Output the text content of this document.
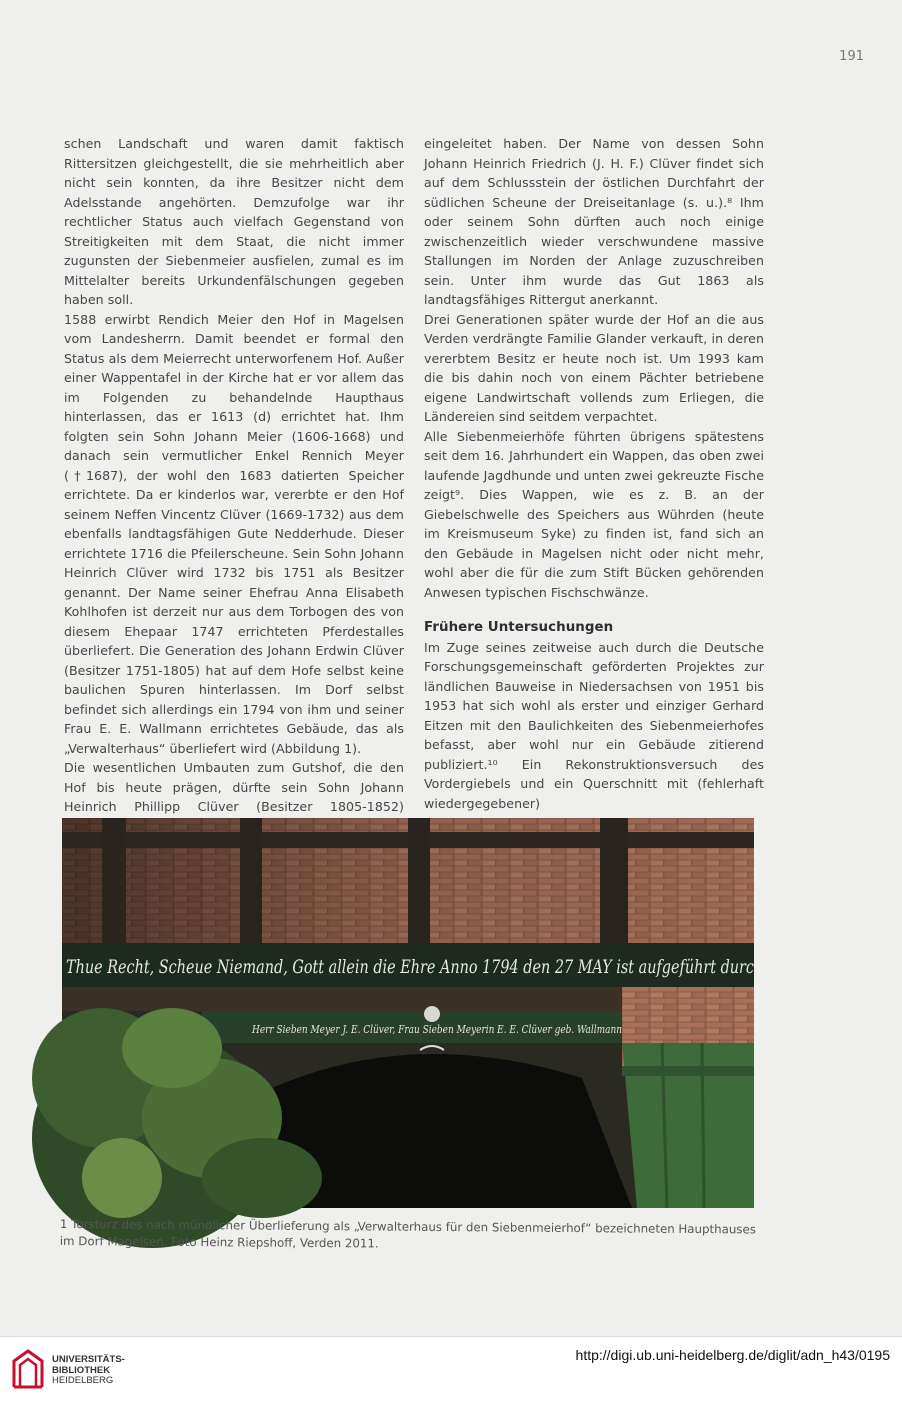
191

schen Landschaft und waren damit faktisch Rittersitzen gleichgestellt, die sie mehrheitlich aber nicht sein konnten, da ihre Besitzer nicht dem Adelsstande angehörten. Demzufolge war ihr rechtlicher Status auch vielfach Gegenstand von Streitigkeiten mit dem Staat, die nicht immer zugunsten der Siebenmeier ausfielen, zumal es im Mittelalter bereits Urkundenfälschungen gegeben haben soll.

1588 erwirbt Rendich Meier den Hof in Magelsen vom Landesherrn. Damit beendet er formal den Status als dem Meierrecht unterworfenem Hof. Außer einer Wappentafel in der Kirche hat er vor allem das im Folgenden zu behandelnde Haupthaus hinterlassen, das er 1613 (d) errichtet hat. Ihm folgten sein Sohn Johann Meier (1606-1668) und danach sein vermutlicher Enkel Rennich Meyer (†1687), der wohl den 1683 datierten Speicher errichtete. Da er kinderlos war, vererbte er den Hof seinem Neffen Vincentz Clüver (1669-1732) aus dem ebenfalls landtagsfähigen Gute Nedderhude. Dieser errichtete 1716 die Pfeilerscheune. Sein Sohn Johann Heinrich Clüver wird 1732 bis 1751 als Besitzer genannt. Der Name seiner Ehefrau Anna Elisabeth Kohlhofen ist derzeit nur aus dem Torbogen des von diesem Ehepaar 1747 errichteten Pferdestalles überliefert. Die Generation des Johann Erdwin Clüver (Besitzer 1751-1805) hat auf dem Hofe selbst keine baulichen Spuren hinterlassen. Im Dorf selbst befindet sich allerdings ein 1794 von ihm und seiner Frau E. E. Wallmann errichtetes Gebäude, das als „Verwalterhaus“ überliefert wird (Abbildung 1).

Die wesentlichen Umbauten zum Gutshof, die den Hof bis heute prägen, dürfte sein Sohn Johann Heinrich Phillipp Clüver (Besitzer 1805-1852)

eingeleitet haben. Der Name von dessen Sohn Johann Heinrich Friedrich (J. H. F.) Clüver findet sich auf dem Schlussstein der östlichen Durchfahrt der südlichen Scheune der Dreiseitanlage (s. u.).⁸ Ihm oder seinem Sohn dürften auch noch einige zwischenzeitlich wieder verschwundene massive Stallungen im Norden der Anlage zuzuschreiben sein. Unter ihm wurde das Gut 1863 als landtagsfähiges Rittergut anerkannt.

Drei Generationen später wurde der Hof an die aus Verden verdrängte Familie Glander verkauft, in deren vererbtem Besitz er heute noch ist. Um 1993 kam die bis dahin noch von einem Pächter betriebene eigene Landwirtschaft vollends zum Erliegen, die Ländereien sind seitdem verpachtet.

Alle Siebenmeierhöfe führten übrigens spätestens seit dem 16. Jahrhundert ein Wappen, das oben zwei laufende Jagdhunde und unten zwei gekreuzte Fische zeigt⁹. Dies Wappen, wie es z. B. an der Giebelschwelle des Speichers aus Wührden (heute im Kreismuseum Syke) zu finden ist, fand sich an den Gebäude in Magelsen nicht oder nicht mehr, wohl aber die für die zum Stift Bücken gehörenden Anwesen typischen Fischschwänze.

Frühere Untersuchungen

Im Zuge seines zeitweise auch durch die Deutsche Forschungsgemeinschaft geförderten Projektes zur ländlichen Bauweise in Niedersachsen von 1951 bis 1953 hat sich wohl als erster und einziger Gerhard Eitzen mit den Baulichkeiten des Siebenmeierhofes befasst, aber wohl nur ein Gebäude zitierend publiziert.¹⁰ Ein Rekonstruktionsversuch des Vordergiebels und ein Querschnitt mit (fehlerhaft wiedergegebener)

Thue Recht, Scheue Niemand, Gott allein die Ehre Anno 1794 den 27 MAY ist aufgeführt durc
Herr Sieben Meyer J. E. Clüver, Frau Sieben Meyerin E. E. Clüver geb. Wallmann
1 Torsturz des nach mündlicher Überlieferung als „Verwalterhaus für den Siebenmeierhof“ bezeichneten Haupthauses im Dorf Magelsen. Foto Heinz Riepshoff, Verden 2011.
UNIVERSITÄTS-
BIBLIOTHEK
HEIDELBERG
http://digi.ub.uni-heidelberg.de/diglit/adn_h43/0195
